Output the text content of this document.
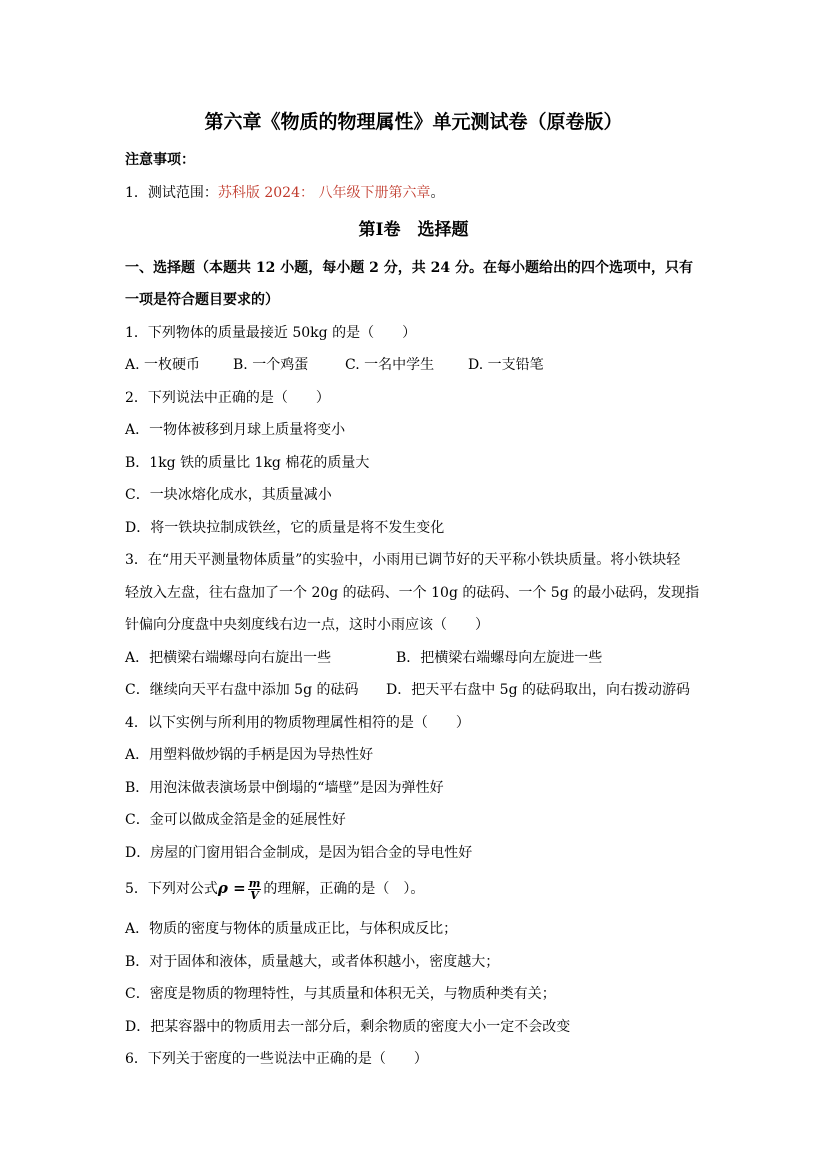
第六章《物质的物理属性》单元测试卷（原卷版）
注意事项：
1．测试范围：苏科版 2024： 八年级下册第六章。
第Ⅰ卷　选择题
一、选择题（本题共 12 小题，每小题 2 分，共 24 分。在每小题给出的四个选项中，只有
一项是符合题目要求的）
1．下列物体的质量最接近 50kg 的是（　　）
A. 一枚硬币 B. 一个鸡蛋	C. 一名中学生 D. 一支铅笔
2．下列说法中正确的是（　　）
A．一物体被移到月球上质量将变小
B．1kg 铁的质量比 1kg 棉花的质量大
C．一块冰熔化成水，其质量减小
D．将一铁块拉制成铁丝，它的质量是将不发生变化
3．在“用天平测量物体质量”的实验中，小雨用已调节好的天平称小铁块质量。将小铁块轻
轻放入左盘，往右盘加了一个 20g 的砝码、一个 10g 的砝码、一个 5g 的最小砝码，发现指
针偏向分度盘中央刻度线右边一点，这时小雨应该（　　）
A．把横梁右端螺母向右旋出一些	B．把横梁右端螺母向左旋进一些
C．继续向天平右盘中添加 5g 的砝码 D．把天平右盘中 5g 的砝码取出，向右拨动游码
4．以下实例与所利用的物质物理属性相符的是（　　）
A．用塑料做炒锅的手柄是因为导热性好
B．用泡沫做表演场景中倒塌的“墙壁”是因为弹性好
C．金可以做成金箔是金的延展性好
D．房屋的门窗用铝合金制成，是因为铝合金的导电性好
5．下列对公式$\rho = \frac{m}{V}$ 的理解，正确的是（　）。
A．物质的密度与物体的质量成正比，与体积成反比；
B．对于固体和液体，质量越大，或者体积越小，密度越大；
C．密度是物质的物理特性，与其质量和体积无关，与物质种类有关；
D．把某容器中的物质用去一部分后，剩余物质的密度大小一定不会改变
6．下列关于密度的一些说法中正确的是（　　）
